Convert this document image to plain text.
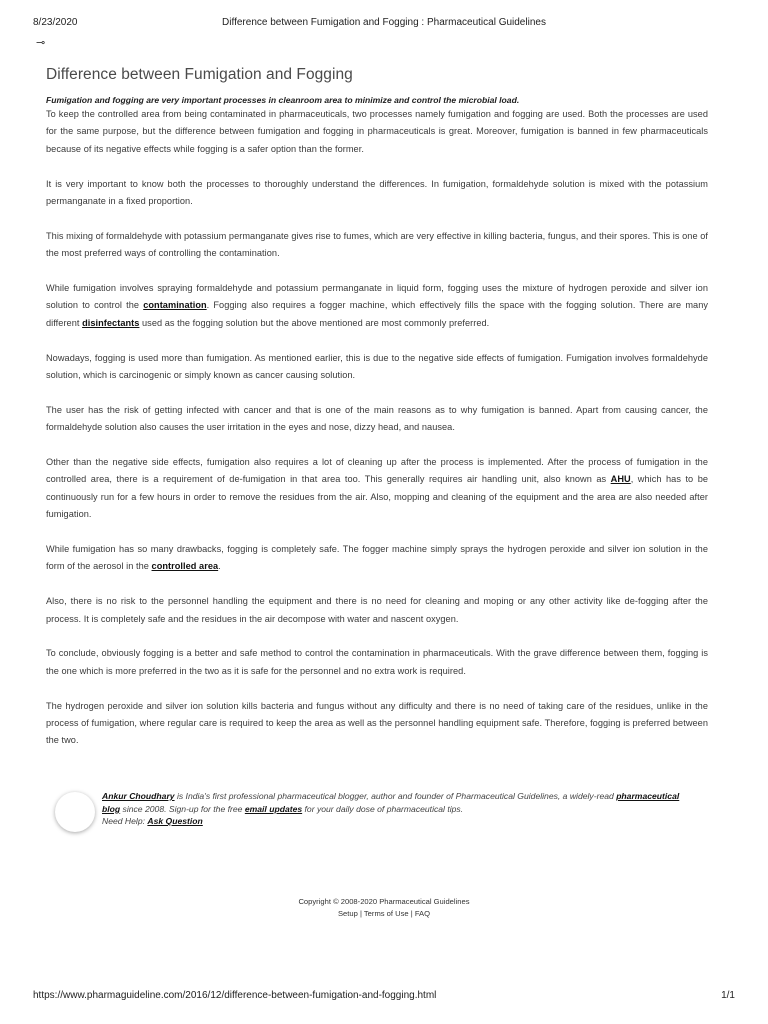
8/23/2020	Difference between Fumigation and Fogging : Pharmaceutical Guidelines
⊸
Difference between Fumigation and Fogging

Fumigation and fogging are very important processes in cleanroom area to minimize and control the microbial load.

To keep the controlled area from being contaminated in pharmaceuticals, two processes namely fumigation and fogging are used. Both the processes are used for the same purpose, but the difference between fumigation and fogging in pharmaceuticals is great. Moreover, fumigation is banned in few pharmaceuticals because of its negative effects while fogging is a safer option than the former.

It is very important to know both the processes to thoroughly understand the differences. In fumigation, formaldehyde solution is mixed with the potassium permanganate in a fixed proportion.

This mixing of formaldehyde with potassium permanganate gives rise to fumes, which are very effective in killing bacteria, fungus, and their spores. This is one of the most preferred ways of controlling the contamination.

While fumigation involves spraying formaldehyde and potassium permanganate in liquid form, fogging uses the mixture of hydrogen peroxide and silver ion solution to control the contamination. Fogging also requires a fogger machine, which effectively fills the space with the fogging solution. There are many different disinfectants used as the fogging solution but the above mentioned are most commonly preferred.

Nowadays, fogging is used more than fumigation. As mentioned earlier, this is due to the negative side effects of fumigation. Fumigation involves formaldehyde solution, which is carcinogenic or simply known as cancer causing solution.

The user has the risk of getting infected with cancer and that is one of the main reasons as to why fumigation is banned. Apart from causing cancer, the formaldehyde solution also causes the user irritation in the eyes and nose, dizzy head, and nausea.

Other than the negative side effects, fumigation also requires a lot of cleaning up after the process is implemented. After the process of fumigation in the controlled area, there is a requirement of de-fumigation in that area too. This generally requires air handling unit, also known as AHU, which has to be continuously run for a few hours in order to remove the residues from the air. Also, mopping and cleaning of the equipment and the area are also needed after fumigation.

While fumigation has so many drawbacks, fogging is completely safe. The fogger machine simply sprays the hydrogen peroxide and silver ion solution in the form of the aerosol in the controlled area.

Also, there is no risk to the personnel handling the equipment and there is no need for cleaning and moping or any other activity like de-fogging after the process. It is completely safe and the residues in the air decompose with water and nascent oxygen.

To conclude, obviously fogging is a better and safe method to control the contamination in pharmaceuticals. With the grave difference between them, fogging is the one which is more preferred in the two as it is safe for the personnel and no extra work is required.

The hydrogen peroxide and silver ion solution kills bacteria and fungus without any difficulty and there is no need of taking care of the residues, unlike in the process of fumigation, where regular care is required to keep the area as well as the personnel handling equipment safe. Therefore, fogging is preferred between the two.

Ankur Choudhary is India's first professional pharmaceutical blogger, author and founder of Pharmaceutical Guidelines, a widely-read pharmaceutical blog since 2008. Sign-up for the free email updates for your daily dose of pharmaceutical tips.
Need Help: Ask Question
Copyright © 2008-2020 Pharmaceutical Guidelines
Setup | Terms of Use | FAQ
https://www.pharmaguideline.com/2016/12/difference-between-fumigation-and-fogging.html	1/1
